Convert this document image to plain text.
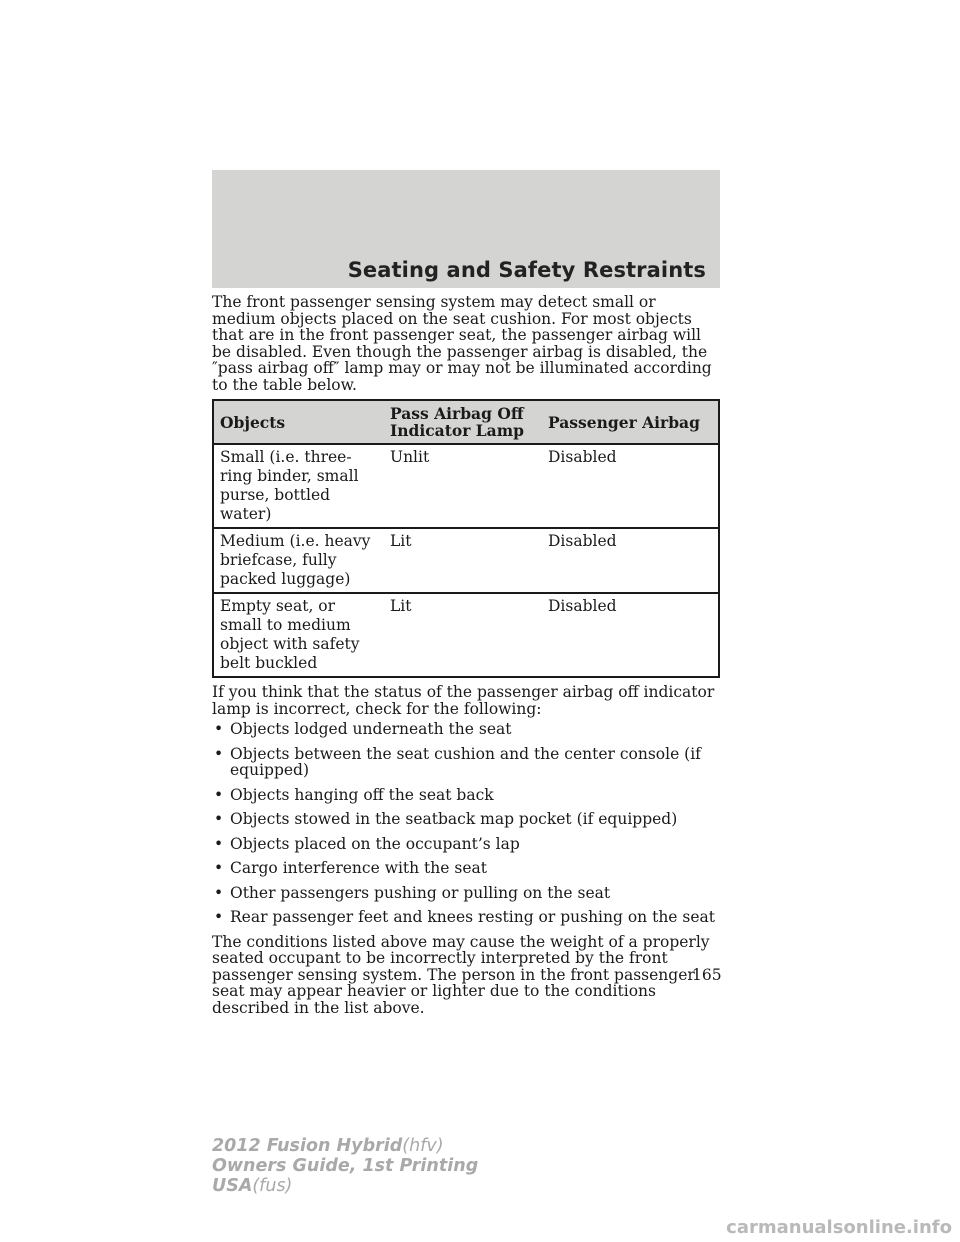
Seating and Safety Restraints

The front passenger sensing system may detect small or medium objects placed on the seat cushion. For most objects that are in the front passenger seat, the passenger airbag will be disabled. Even though the passenger airbag is disabled, the ″pass airbag off″ lamp may or may not be illuminated according to the table below.

Objects	Pass Airbag Off Indicator Lamp	Passenger Airbag
Small (i.e. three-ring binder, small purse, bottled water)	Unlit	Disabled
Medium (i.e. heavy briefcase, fully packed luggage)	Lit	Disabled
Empty seat, or small to medium object with safety belt buckled	Lit	Disabled

If you think that the status of the passenger airbag off indicator lamp is incorrect, check for the following:

• Objects lodged underneath the seat
• Objects between the seat cushion and the center console (if equipped)
• Objects hanging off the seat back
• Objects stowed in the seatback map pocket (if equipped)
• Objects placed on the occupant’s lap
• Cargo interference with the seat
• Other passengers pushing or pulling on the seat
• Rear passenger feet and knees resting or pushing on the seat

The conditions listed above may cause the weight of a properly seated occupant to be incorrectly interpreted by the front passenger sensing system. The person in the front passenger seat may appear heavier or lighter due to the conditions described in the list above.

165
2012 Fusion Hybrid(hfv)
Owners Guide, 1st Printing
USA(fus)
carmanualsonline.info
